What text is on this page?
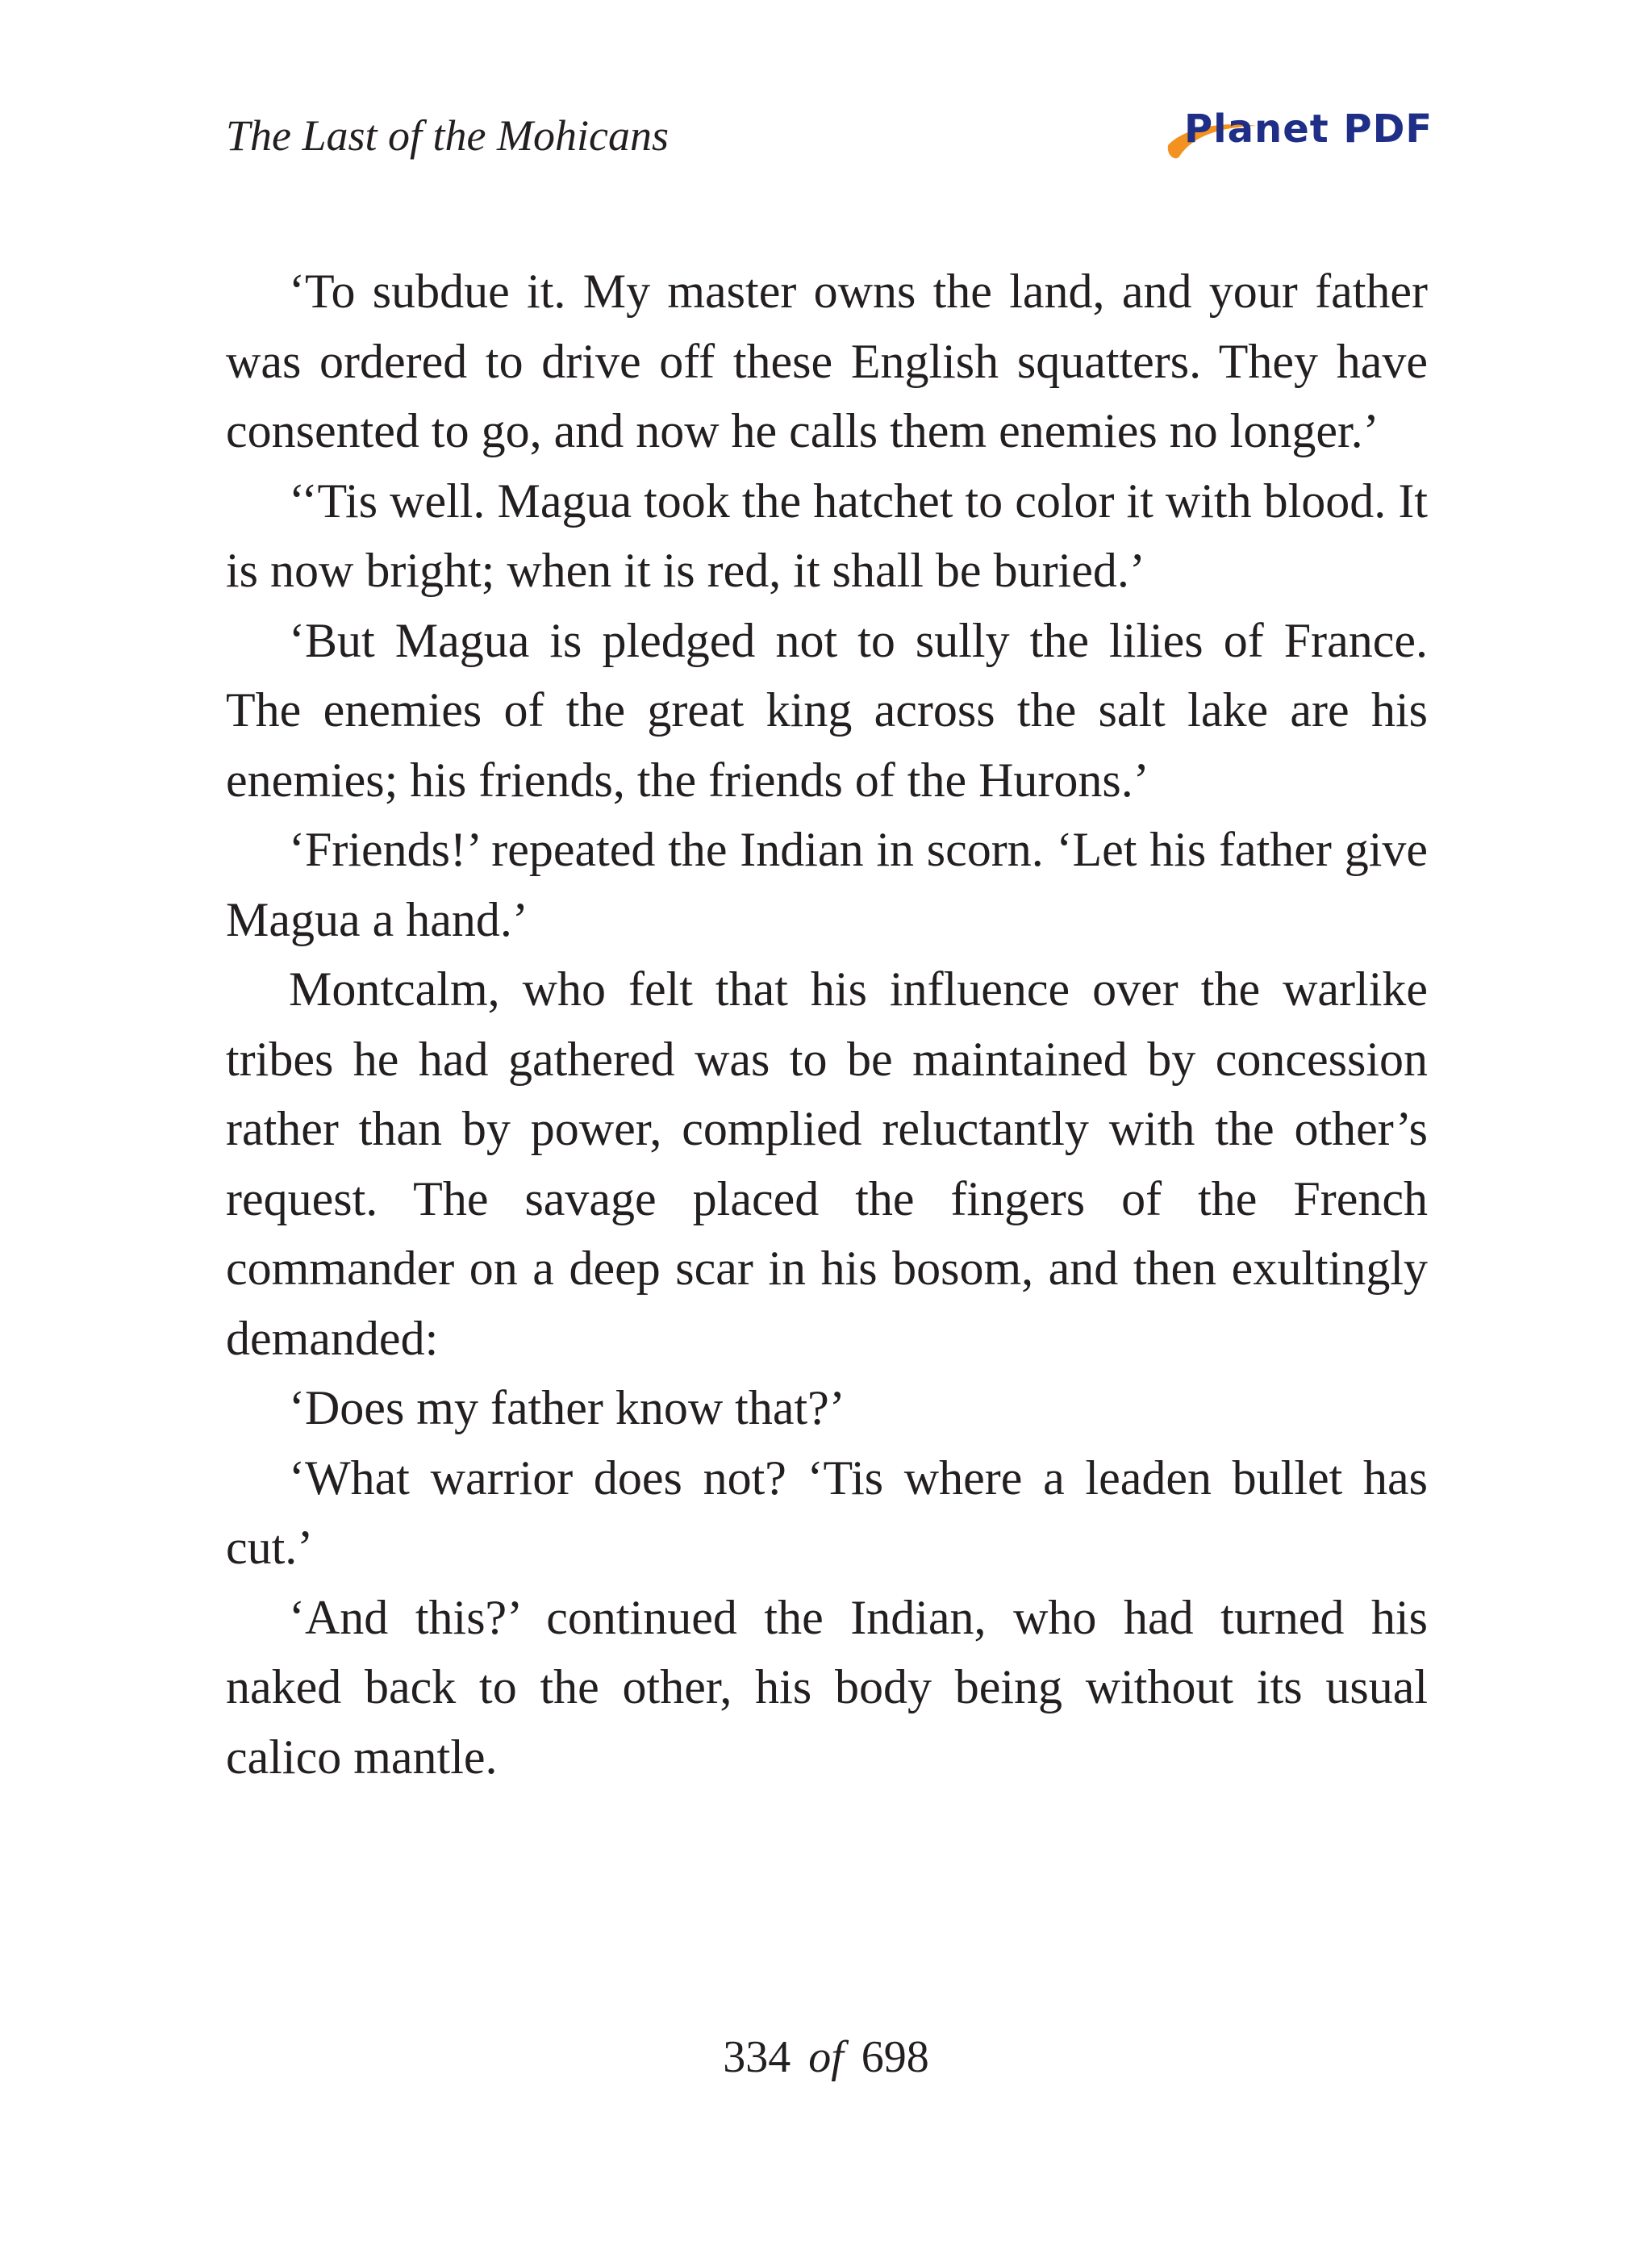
The Last of the Mohicans	Planet PDF

‘To subdue it. My master owns the land, and your father was ordered to drive off these English squatters. They have consented to go, and now he calls them enemies no longer.’

‘‘Tis well. Magua took the hatchet to color it with blood. It is now bright; when it is red, it shall be buried.’

‘But Magua is pledged not to sully the lilies of France. The enemies of the great king across the salt lake are his enemies; his friends, the friends of the Hurons.’

‘Friends!’ repeated the Indian in scorn. ‘Let his father give Magua a hand.’

Montcalm, who felt that his influence over the warlike tribes he had gathered was to be maintained by concession rather than by power, complied reluctantly with the other’s request. The savage placed the fingers of the French commander on a deep scar in his bosom, and then exultingly demanded:

‘Does my father know that?’

‘What warrior does not? ‘Tis where a leaden bullet has cut.’

‘And this?’ continued the Indian, who had turned his naked back to the other, his body being without its usual calico mantle.

334 of 698
